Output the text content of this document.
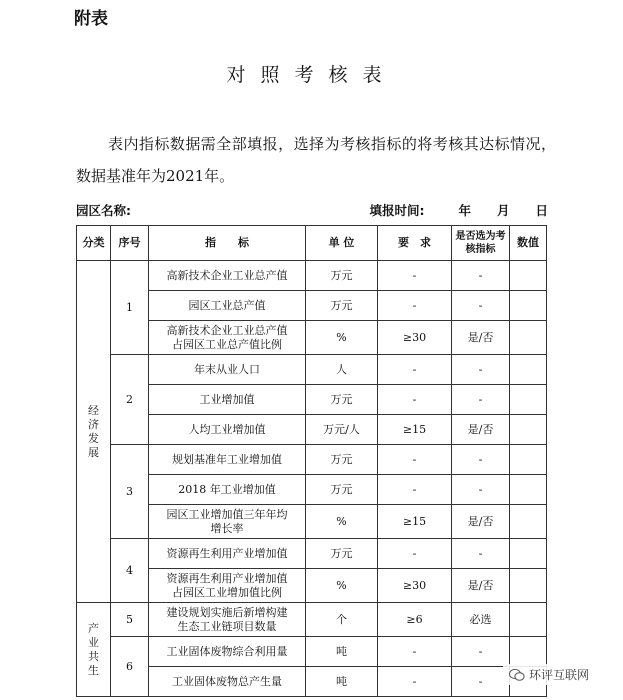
附表
对照考核表

表内指标数据需全部填报，选择为考核指标的将考核其达标情况，数据基准年为2021年。

园区名称:	填报时间:	年 月 日
分类	序号	指　　标	单 位	要　求	是否选为考核指标	数值
经济发展	1	高新技术企业工业总产值	万元	-	-	
		园区工业总产值	万元	-	-	
		高新技术企业工业总产值占园区工业总产值比例	%	≥30	是/否	
	2	年末从业人口	人	-	-	
		工业增加值	万元	-	-	
		人均工业增加值	万元/人	≥15	是/否	
	3	规划基准年工业增加值	万元	-	-	
		2018 年工业增加值	万元	-	-	
		园区工业增加值三年年均增长率	%	≥15	是/否	
	4	资源再生利用产业增加值	万元	-	-	
		资源再生利用产业增加值占园区工业增加值比例	%	≥30	是/否	
产业共生	5	建设规划实施后新增构建生态工业链项目数量	个	≥6	必选	
	6	工业固体废物综合利用量	吨	-	-	
		工业固体废物总产生量	吨	-	-		环评互联网
